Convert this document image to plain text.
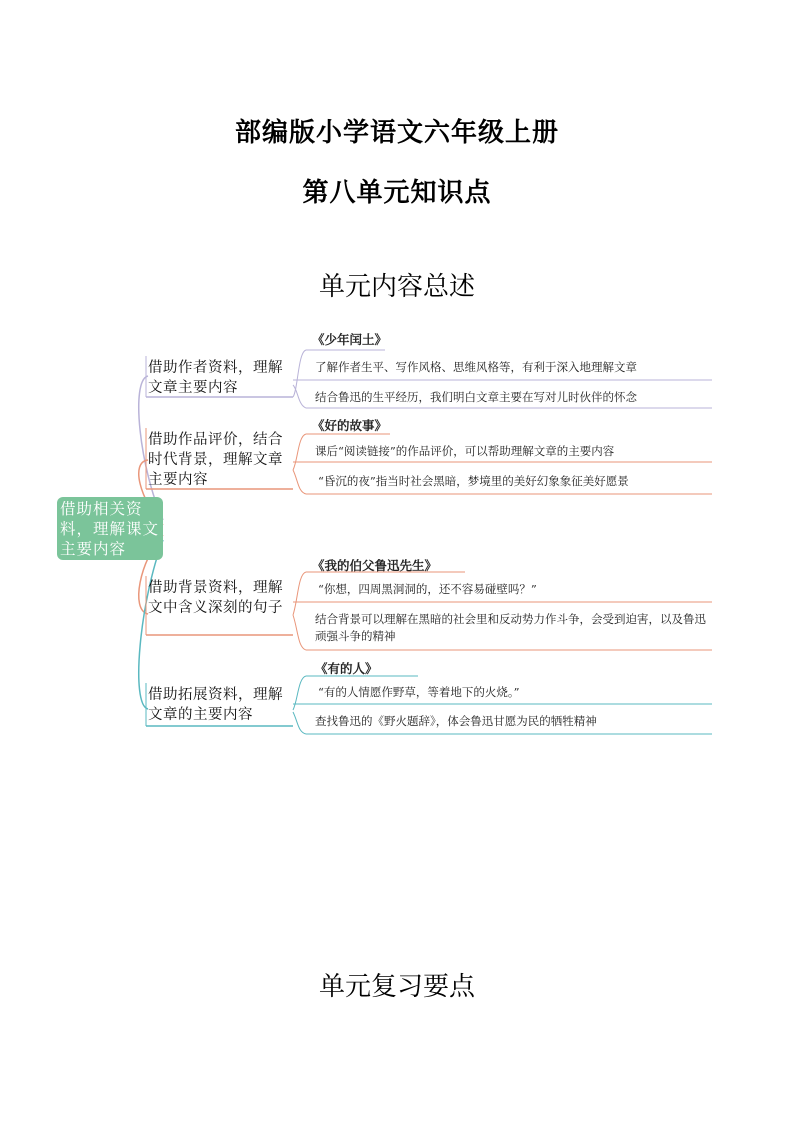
部编版小学语文六年级上册
第八单元知识点
单元内容总述
借助相关资料，理解课文主要内容
借助作者资料，理解文章主要内容
借助作品评价，结合时代背景，理解文章主要内容
借助背景资料，理解文中含义深刻的句子
借助拓展资料，理解文章的主要内容
《少年闰土》
了解作者生平、写作风格、思维风格等，有利于深入地理解文章
结合鲁迅的生平经历，我们明白文章主要在写对儿时伙伴的怀念
《好的故事》
课后“阅读链接”的作品评价，可以帮助理解文章的主要内容
“昏沉的夜”指当时社会黑暗，梦境里的美好幻象象征美好愿景
《我的伯父鲁迅先生》
“你想，四周黑洞洞的，还不容易碰壁吗？”
结合背景可以理解在黑暗的社会里和反动势力作斗争，会受到迫害，以及鲁迅顽强斗争的精神
《有的人》
“有的人情愿作野草，等着地下的火烧。”
查找鲁迅的《野火题辞》，体会鲁迅甘愿为民的牺牲精神
单元复习要点
